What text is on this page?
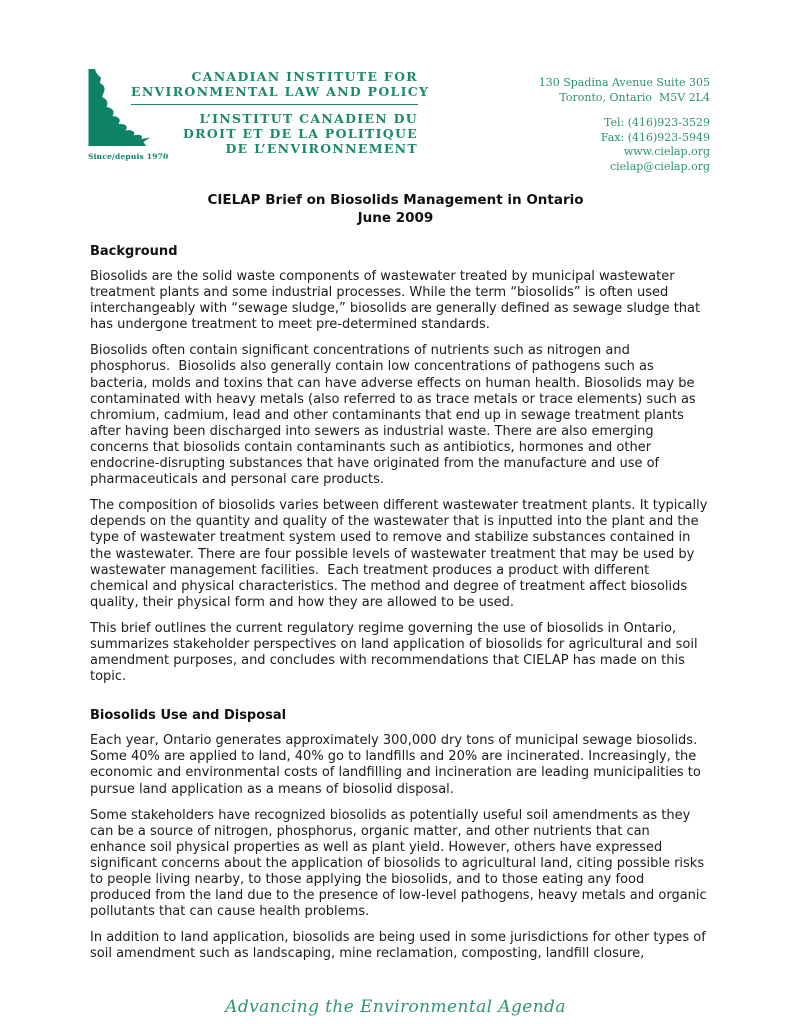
Since/depuis 1970
CANADIAN INSTITUTE FOR
ENVIRONMENTAL LAW AND POLICY
L’INSTITUT CANADIEN DU
DROIT ET DE LA POLITIQUE
DE L’ENVIRONNEMENT
130 Spadina Avenue Suite 305
Toronto, Ontario  M5V 2L4
Tel: (416)923-3529
Fax: (416)923-5949
www.cielap.org
cielap@cielap.org
CIELAP Brief on Biosolids Management in Ontario
June 2009
Background

Biosolids are the solid waste components of wastewater treated by municipal wastewater treatment plants and some industrial processes. While the term “biosolids” is often used interchangeably with “sewage sludge,” biosolids are generally defined as sewage sludge that has undergone treatment to meet pre-determined standards.

Biosolids often contain significant concentrations of nutrients such as nitrogen and phosphorus.  Biosolids also generally contain low concentrations of pathogens such as bacteria, molds and toxins that can have adverse effects on human health. Biosolids may be contaminated with heavy metals (also referred to as trace metals or trace elements) such as chromium, cadmium, lead and other contaminants that end up in sewage treatment plants after having been discharged into sewers as industrial waste. There are also emerging concerns that biosolids contain contaminants such as antibiotics, hormones and other endocrine-disrupting substances that have originated from the manufacture and use of pharmaceuticals and personal care products.

The composition of biosolids varies between different wastewater treatment plants. It typically depends on the quantity and quality of the wastewater that is inputted into the plant and the type of wastewater treatment system used to remove and stabilize substances contained in the wastewater. There are four possible levels of wastewater treatment that may be used by wastewater management facilities.  Each treatment produces a product with different chemical and physical characteristics. The method and degree of treatment affect biosolids quality, their physical form and how they are allowed to be used.

This brief outlines the current regulatory regime governing the use of biosolids in Ontario, summarizes stakeholder perspectives on land application of biosolids for agricultural and soil amendment purposes, and concludes with recommendations that CIELAP has made on this topic.

Biosolids Use and Disposal

Each year, Ontario generates approximately 300,000 dry tons of municipal sewage biosolids. Some 40% are applied to land, 40% go to landfills and 20% are incinerated. Increasingly, the economic and environmental costs of landfilling and incineration are leading municipalities to pursue land application as a means of biosolid disposal.

Some stakeholders have recognized biosolids as potentially useful soil amendments as they can be a source of nitrogen, phosphorus, organic matter, and other nutrients that can enhance soil physical properties as well as plant yield. However, others have expressed significant concerns about the application of biosolids to agricultural land, citing possible risks to people living nearby, to those applying the biosolids, and to those eating any food produced from the land due to the presence of low-level pathogens, heavy metals and organic pollutants that can cause health problems.

In addition to land application, biosolids are being used in some jurisdictions for other types of soil amendment such as landscaping, mine reclamation, composting, landfill closure,

Advancing the Environmental Agenda
